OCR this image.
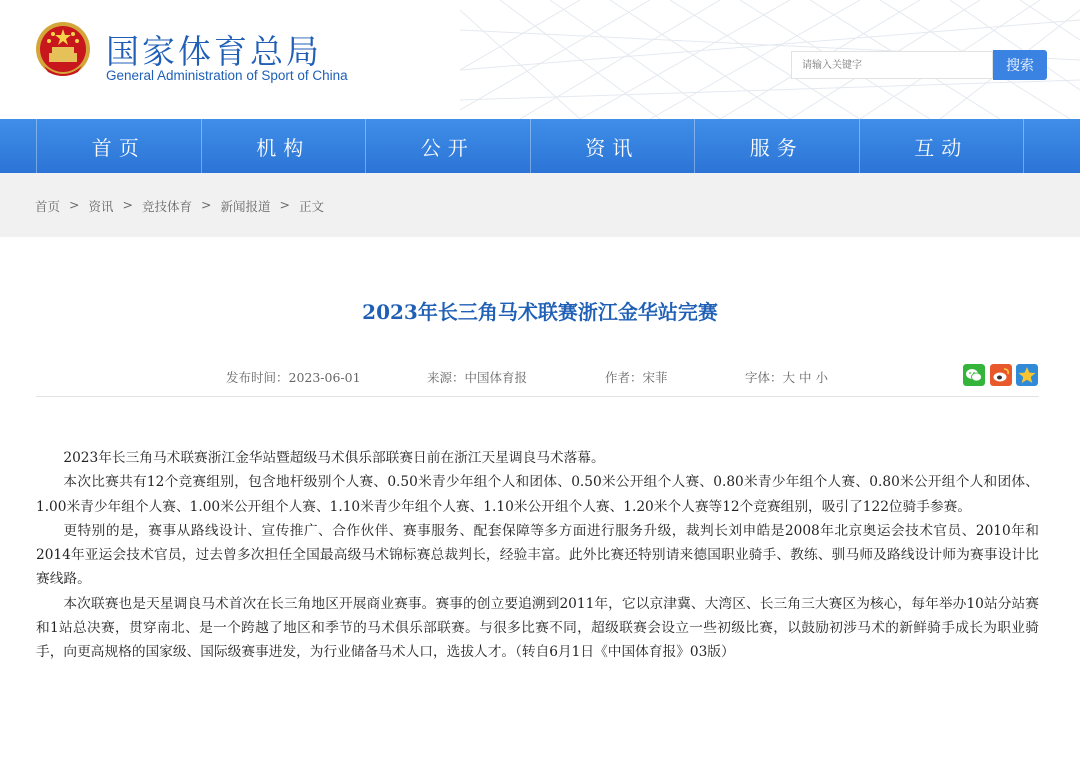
国家体育总局
General Administration of Sport of China
请输入关键字
搜索
首页	机构	公开	资讯	服务	互动
首页 > 资讯 > 竞技体育 > 新闻报道 > 正文
2023年长三角马术联赛浙江金华站完赛
发布时间：2023-06-01	来源：中国体育报	作者：宋菲	字体：大 中 小

2023年长三角马术联赛浙江金华站暨超级马术俱乐部联赛日前在浙江天星调良马术落幕。

本次比赛共有12个竞赛组别，包含地杆级别个人赛、0.50米青少年组个人和团体、0.50米公开组个人赛、0.80米青少年组个人赛、0.80米公开组个人和团体、1.00米青少年组个人赛、1.00米公开组个人赛、1.10米青少年组个人赛、1.10米公开组个人赛、1.20米个人赛等12个竞赛组别，吸引了122位骑手参赛。

更特别的是，赛事从路线设计、宣传推广、合作伙伴、赛事服务、配套保障等多方面进行服务升级，裁判长刘申皓是2008年北京奥运会技术官员、2010年和2014年亚运会技术官员，过去曾多次担任全国最高级马术锦标赛总裁判长，经验丰富。此外比赛还特别请来德国职业骑手、教练、驯马师及路线设计师为赛事设计比赛线路。

本次联赛也是天星调良马术首次在长三角地区开展商业赛事。赛事的创立要追溯到2011年，它以京津冀、大湾区、长三角三大赛区为核心，每年举办10站分站赛和1站总决赛，贯穿南北、是一个跨越了地区和季节的马术俱乐部联赛。与很多比赛不同，超级联赛会设立一些初级比赛，以鼓励初涉马术的新鲜骑手成长为职业骑手，向更高规格的国家级、国际级赛事进发，为行业储备马术人口，选拔人才。（转自6月1日《中国体育报》03版）
